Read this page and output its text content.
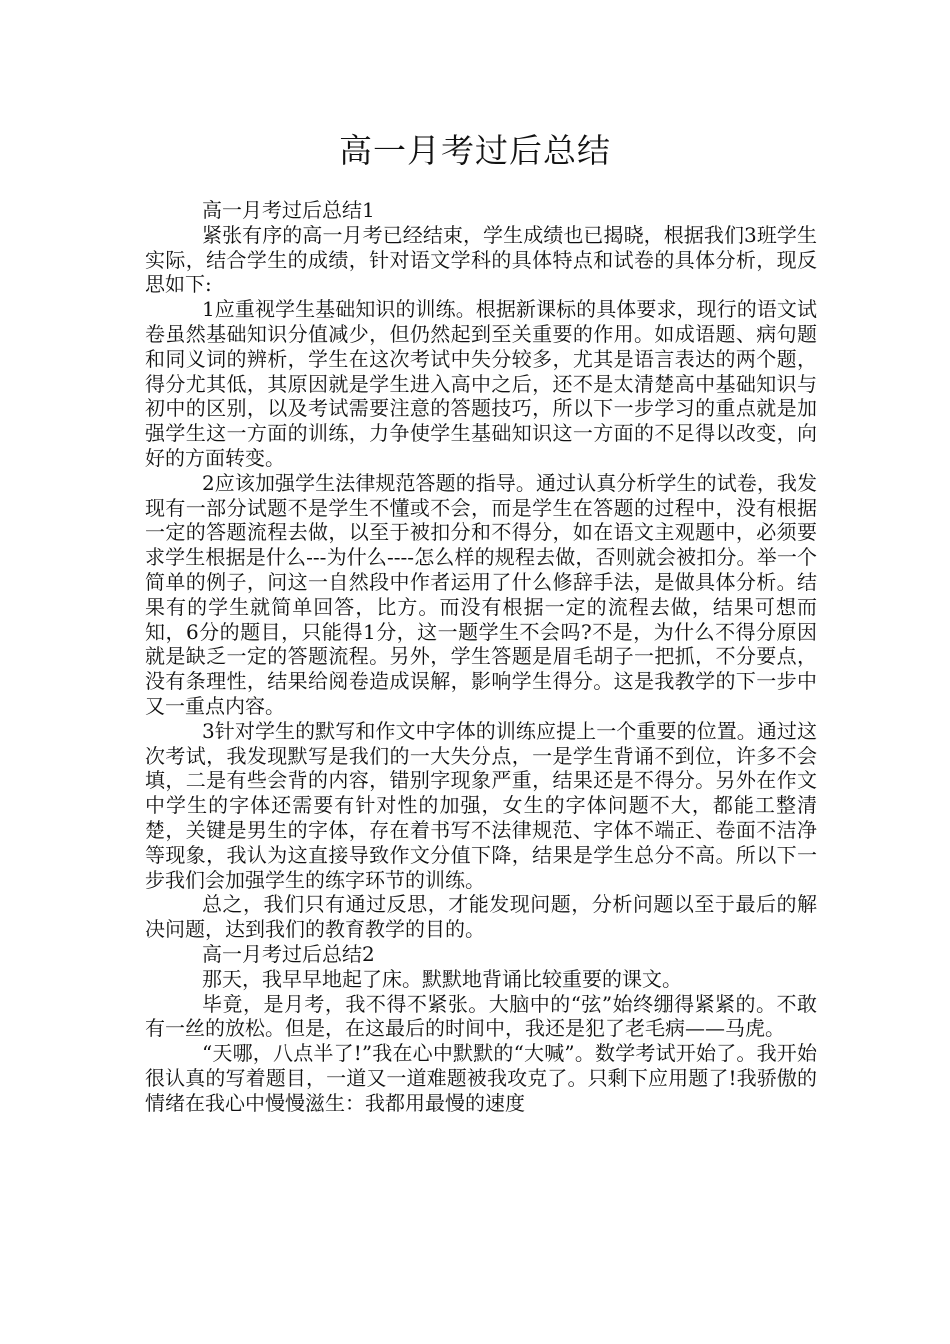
高一月考过后总结

高一月考过后总结1

紧张有序的高一月考已经结束，学生成绩也已揭晓，根据我们3班学生实际，结合学生的成绩，针对语文学科的具体特点和试卷的具体分析，现反思如下:

1应重视学生基础知识的训练。根据新课标的具体要求，现行的语文试卷虽然基础知识分值减少，但仍然起到至关重要的作用。如成语题、病句题和同义词的辨析，学生在这次考试中失分较多，尤其是语言表达的两个题，得分尤其低，其原因就是学生进入高中之后，还不是太清楚高中基础知识与初中的区别，以及考试需要注意的答题技巧，所以下一步学习的重点就是加强学生这一方面的训练，力争使学生基础知识这一方面的不足得以改变，向好的方面转变。

2应该加强学生法律规范答题的指导。通过认真分析学生的试卷，我发现有一部分试题不是学生不懂或不会，而是学生在答题的过程中，没有根据一定的答题流程去做，以至于被扣分和不得分，如在语文主观题中，必须要求学生根据是什么---为什么----怎么样的规程去做，否则就会被扣分。举一个简单的例子，问这一自然段中作者运用了什么修辞手法，是做具体分析。结果有的学生就简单回答，比方。而没有根据一定的流程去做，结果可想而知，6分的题目，只能得1分，这一题学生不会吗?不是，为什么不得分原因就是缺乏一定的答题流程。另外，学生答题是眉毛胡子一把抓，不分要点，没有条理性，结果给阅卷造成误解，影响学生得分。这是我教学的下一步中又一重点内容。

3针对学生的默写和作文中字体的训练应提上一个重要的位置。通过这次考试，我发现默写是我们的一大失分点，一是学生背诵不到位，许多不会填，二是有些会背的内容，错别字现象严重，结果还是不得分。另外在作文中学生的字体还需要有针对性的加强，女生的字体问题不大，都能工整清楚，关键是男生的字体，存在着书写不法律规范、字体不端正、卷面不洁净等现象，我认为这直接导致作文分值下降，结果是学生总分不高。所以下一步我们会加强学生的练字环节的训练。

总之，我们只有通过反思，才能发现问题，分析问题以至于最后的解决问题，达到我们的教育教学的目的。

高一月考过后总结2

那天，我早早地起了床。默默地背诵比较重要的课文。

毕竟，是月考，我不得不紧张。大脑中的“弦”始终绷得紧紧的。不敢有一丝的放松。但是，在这最后的时间中，我还是犯了老毛病——马虎。

“天哪，八点半了!”我在心中默默的“大喊”。数学考试开始了。我开始很认真的写着题目，一道又一道难题被我攻克了。只剩下应用题了!我骄傲的情绪在我心中慢慢滋生：我都用最慢的速度
